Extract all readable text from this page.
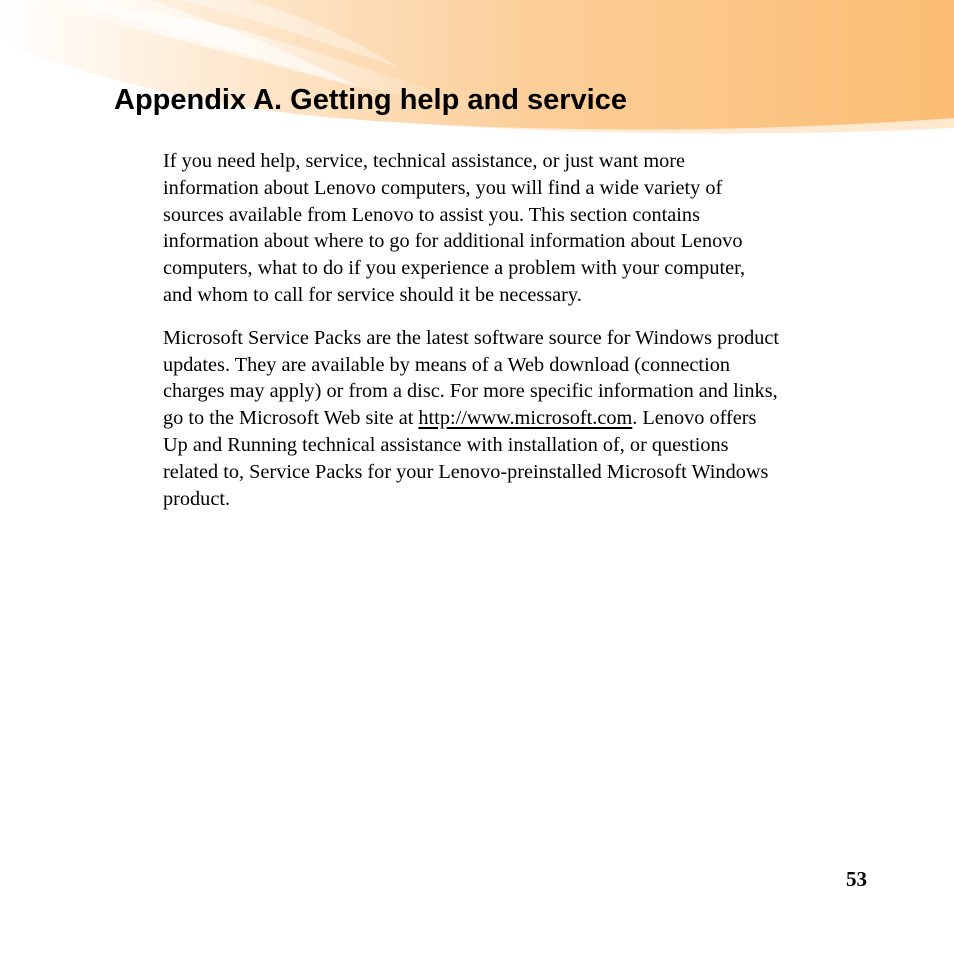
Appendix A. Getting help and service

If you need help, service, technical assistance, or just want more
information about Lenovo computers, you will find a wide variety of
sources available from Lenovo to assist you. This section contains
information about where to go for additional information about Lenovo
computers, what to do if you experience a problem with your computer,
and whom to call for service should it be necessary.

Microsoft Service Packs are the latest software source for Windows product
updates. They are available by means of a Web download (connection
charges may apply) or from a disc. For more specific information and links,
go to the Microsoft Web site at http://www.microsoft.com. Lenovo offers
Up and Running technical assistance with installation of, or questions
related to, Service Packs for your Lenovo-preinstalled Microsoft Windows
product.

53
